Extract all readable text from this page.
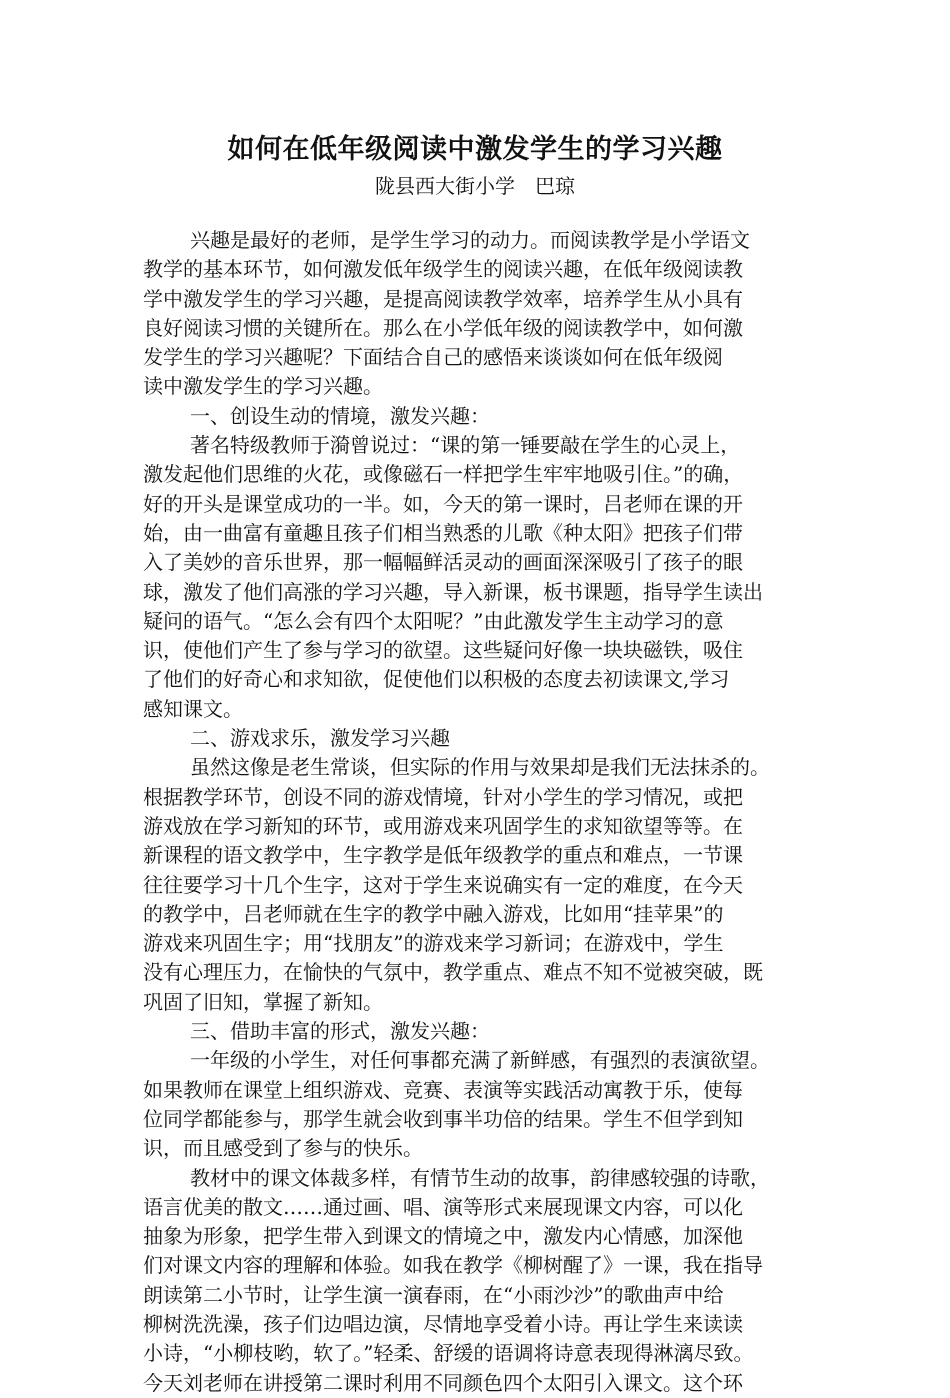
如何在低年级阅读中激发学生的学习兴趣
陇县西大街小学　巴琼
兴趣是最好的老师，是学生学习的动力。而阅读教学是小学语文
教学的基本环节，如何激发低年级学生的阅读兴趣，在低年级阅读教
学中激发学生的学习兴趣，是提高阅读教学效率，培养学生从小具有
良好阅读习惯的关键所在。那么在小学低年级的阅读教学中，如何激
发学生的学习兴趣呢？下面结合自己的感悟来谈谈如何在低年级阅
读中激发学生的学习兴趣。
一、创设生动的情境，激发兴趣：
著名特级教师于漪曾说过：“课的第一锤要敲在学生的心灵上，
激发起他们思维的火花，或像磁石一样把学生牢牢地吸引住。”的确，
好的开头是课堂成功的一半。如，今天的第一课时，吕老师在课的开
始，由一曲富有童趣且孩子们相当熟悉的儿歌《种太阳》把孩子们带
入了美妙的音乐世界，那一幅幅鲜活灵动的画面深深吸引了孩子的眼
球，激发了他们高涨的学习兴趣，导入新课，板书课题，指导学生读出
疑问的语气。“怎么会有四个太阳呢？”由此激发学生主动学习的意
识，使他们产生了参与学习的欲望。这些疑问好像一块块磁铁，吸住
了他们的好奇心和求知欲，促使他们以积极的态度去初读课文,学习
感知课文。
二、游戏求乐，激发学习兴趣
虽然这像是老生常谈，但实际的作用与效果却是我们无法抹杀的。
根据教学环节，创设不同的游戏情境，针对小学生的学习情况，或把
游戏放在学习新知的环节，或用游戏来巩固学生的求知欲望等等。在
新课程的语文教学中，生字教学是低年级教学的重点和难点，一节课
往往要学习十几个生字，这对于学生来说确实有一定的难度，在今天
的教学中，吕老师就在生字的教学中融入游戏，比如用“挂苹果”的
游戏来巩固生字；用“找朋友”的游戏来学习新词；在游戏中，学生
没有心理压力，在愉快的气氛中，教学重点、难点不知不觉被突破，既
巩固了旧知，掌握了新知。
三、借助丰富的形式，激发兴趣：
一年级的小学生，对任何事都充满了新鲜感，有强烈的表演欲望。
如果教师在课堂上组织游戏、竞赛、表演等实践活动寓教于乐，使每
位同学都能参与，那学生就会收到事半功倍的结果。学生不但学到知
识，而且感受到了参与的快乐。
教材中的课文体裁多样，有情节生动的故事，韵律感较强的诗歌，
语言优美的散文……通过画、唱、演等形式来展现课文内容，可以化
抽象为形象，把学生带入到课文的情境之中，激发内心情感，加深他
们对课文内容的理解和体验。如我在教学《柳树醒了》一课，我在指导
朗读第二小节时，让学生演一演春雨，在“小雨沙沙”的歌曲声中给
柳树洗洗澡，孩子们边唱边演，尽情地享受着小诗。再让学生来读读
小诗，“小柳枝哟，软了。”轻柔、舒缓的语调将诗意表现得淋漓尽致。
今天刘老师在讲授第二课时利用不同颜色四个太阳引入课文。这个环
